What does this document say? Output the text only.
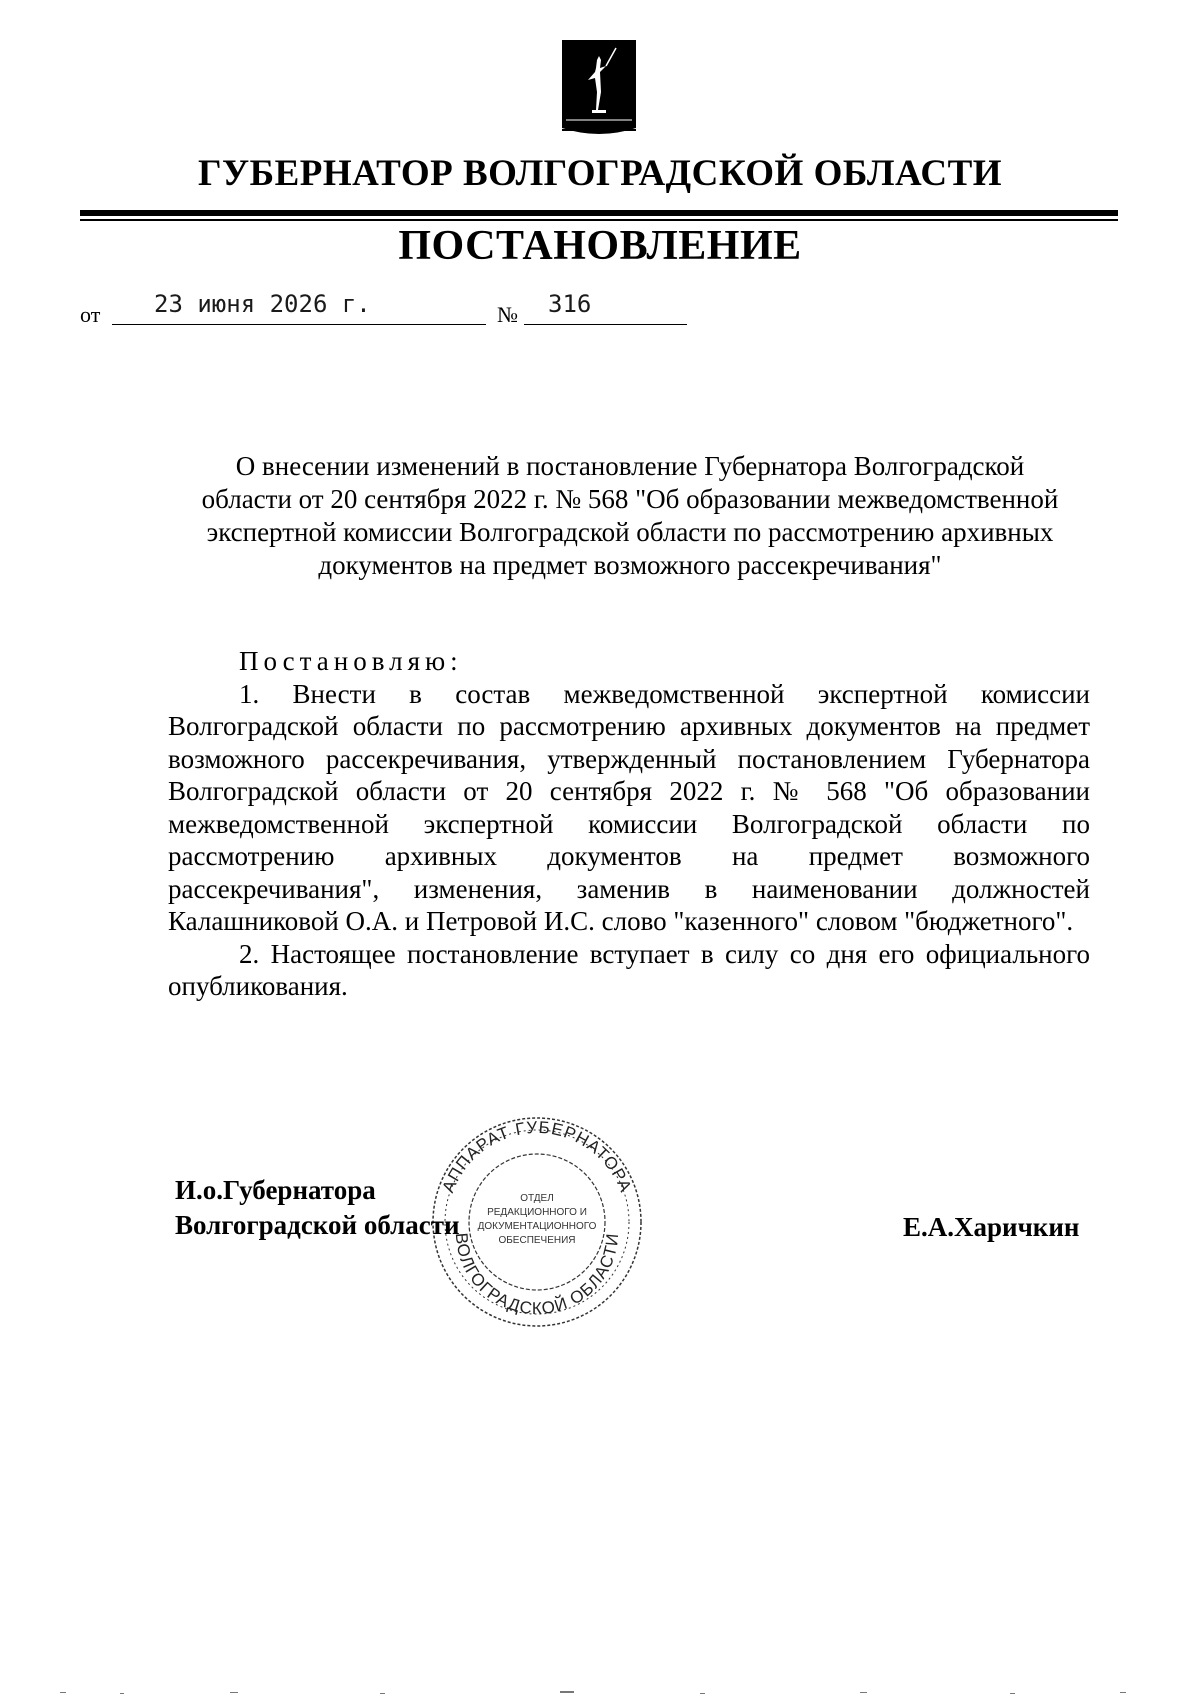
ГУБЕРНАТОР ВОЛГОГРАДСКОЙ ОБЛАСТИ
ПОСТАНОВЛЕНИЕ
от 23 июня 2026 г.	№ 316
О внесении изменений в постановление Губернатора Волгоградской
области от 20 сентября 2022 г. № 568 "Об образовании межведомственной
экспертной комиссии Волгоградской области по рассмотрению архивных
документов на предмет возможного рассекречивания"
Постановляю:

1. Внести в состав межведомственной экспертной комиссии Волгоградской области по рассмотрению архивных документов на предмет возможного рассекречивания, утвержденный постановлением Губернатора Волгоградской области от 20 сентября 2022 г. № 568 "Об образовании межведомственной экспертной комиссии Волгоградской области по рассмотрению архивных документов на предмет возможного рассекречивания", изменения, заменив в наименовании должностей Калашниковой О.А. и Петровой И.С. слово "казенного" словом "бюджетного".

2. Настоящее постановление вступает в силу со дня его официального опубликования.

АППАРАТ ГУБЕРНАТОРА
ВОЛГОГРАДСКОЙ ОБЛАСТИ
ОТДЕЛ
РЕДАКЦИОННОГО И
ДОКУМЕНТАЦИОННОГО
ОБЕСПЕЧЕНИЯ
И.о.Губернатора
Волгоградской области	Е.А.Харичкин
